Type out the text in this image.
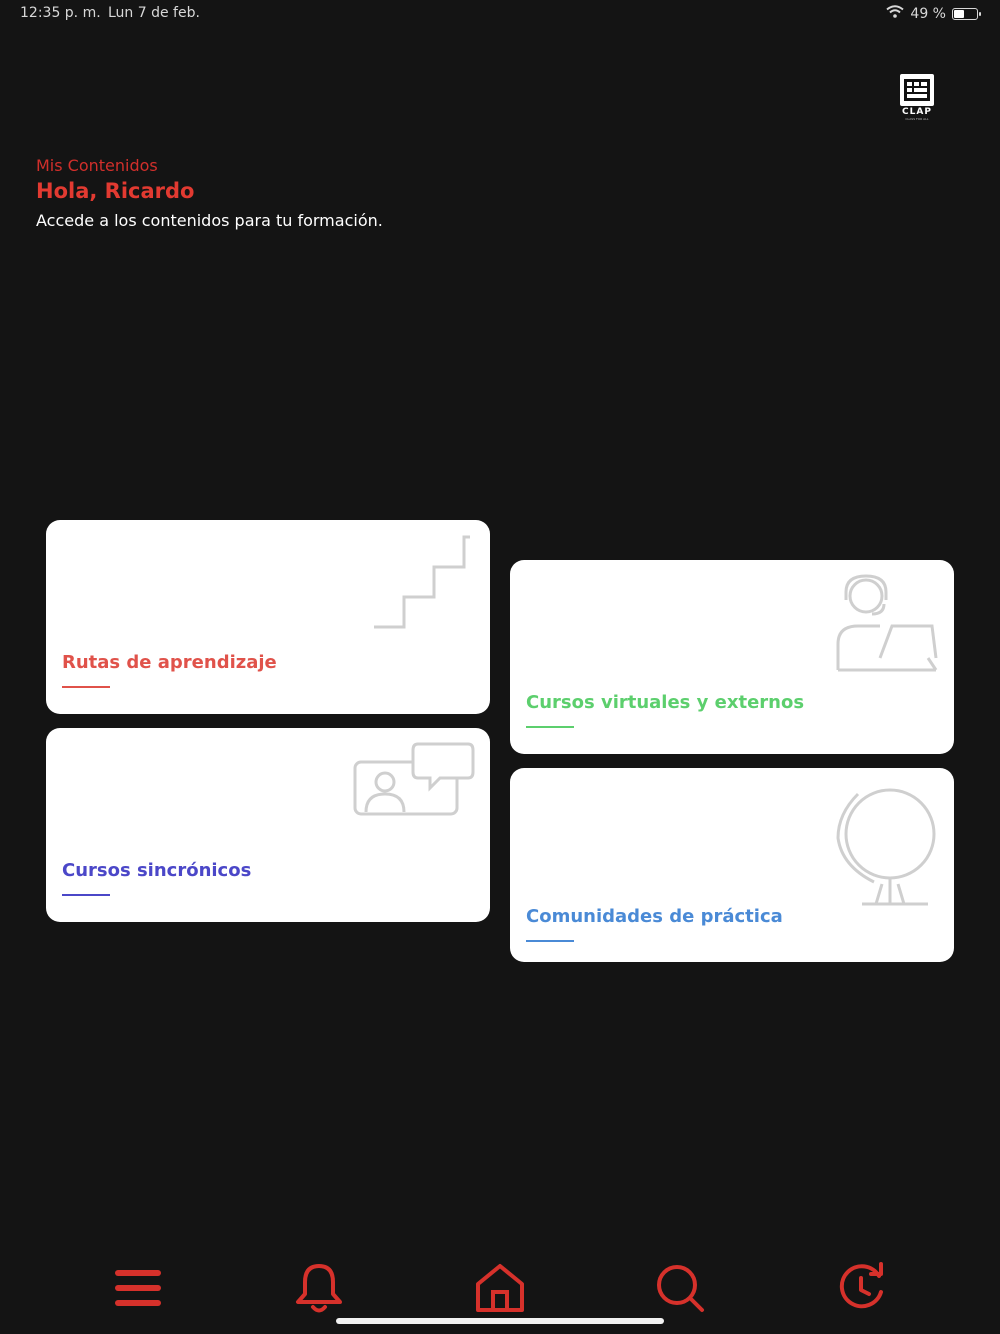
12:35 p. m. Lun 7 de feb.	49 %
CLAP
CLASS FOR ALL
Mis Contenidos
Hola, Ricardo
Accede a los contenidos para tu formación.
Rutas de aprendizaje
Cursos virtuales y externos
Cursos sincrónicos
Comunidades de práctica
